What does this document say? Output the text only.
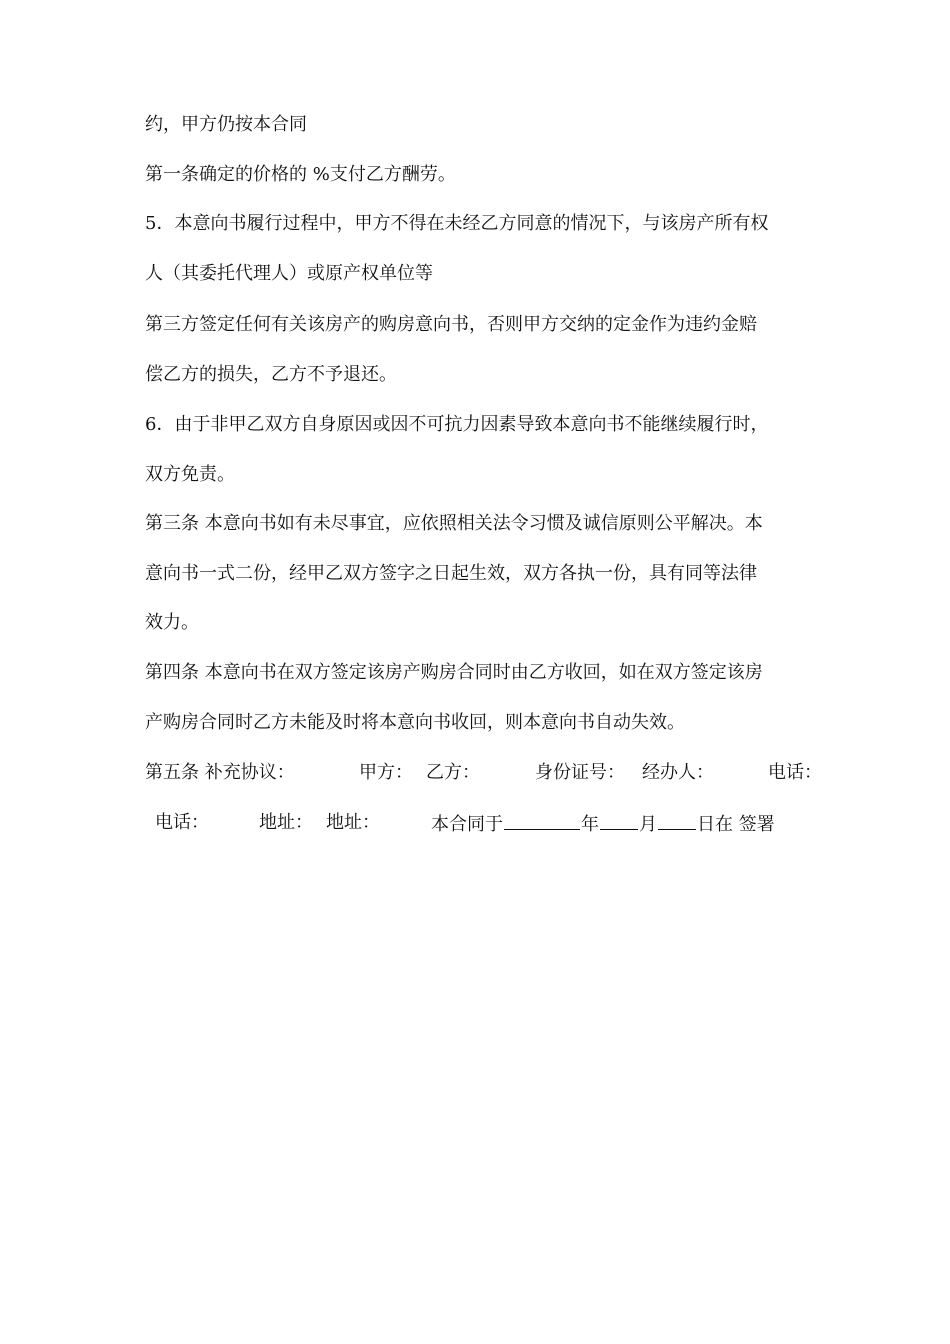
约，甲方仍按本合同
第一条确定的价格的 %支付乙方酬劳。
5．本意向书履行过程中，甲方不得在未经乙方同意的情况下，与该房产所有权
人（其委托代理人）或原产权单位等
第三方签定任何有关该房产的购房意向书，否则甲方交纳的定金作为违约金赔
偿乙方的损失，乙方不予退还。
6．由于非甲乙双方自身原因或因不可抗力因素导致本意向书不能继续履行时，
双方免责。
第三条 本意向书如有未尽事宜，应依照相关法令习惯及诚信原则公平解决。本
意向书一式二份，经甲乙双方签字之日起生效，双方各执一份，具有同等法律
效力。
第四条 本意向书在双方签定该房产购房合同时由乙方收回，如在双方签定该房
产购房合同时乙方未能及时将本意向书收回，则本意向书自动失效。
第五条 补充协议：	甲方： 乙方：	身份证号： 经办人：	电话：
电话：	地址： 地址：	本合同于	年 月 日在 签署
